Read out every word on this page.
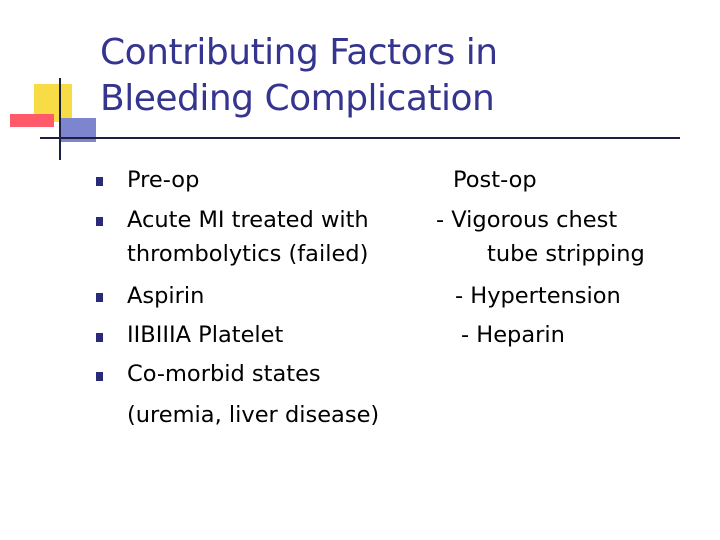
Contributing Factors in
Bleeding Complication
Pre-op
Acute MI treated with
thrombolytics (failed)
Aspirin
IIBIIIA Platelet
Co-morbid states
(uremia, liver disease)
Post-op
- Vigorous chest
tube stripping
- Hypertension
- Heparin
